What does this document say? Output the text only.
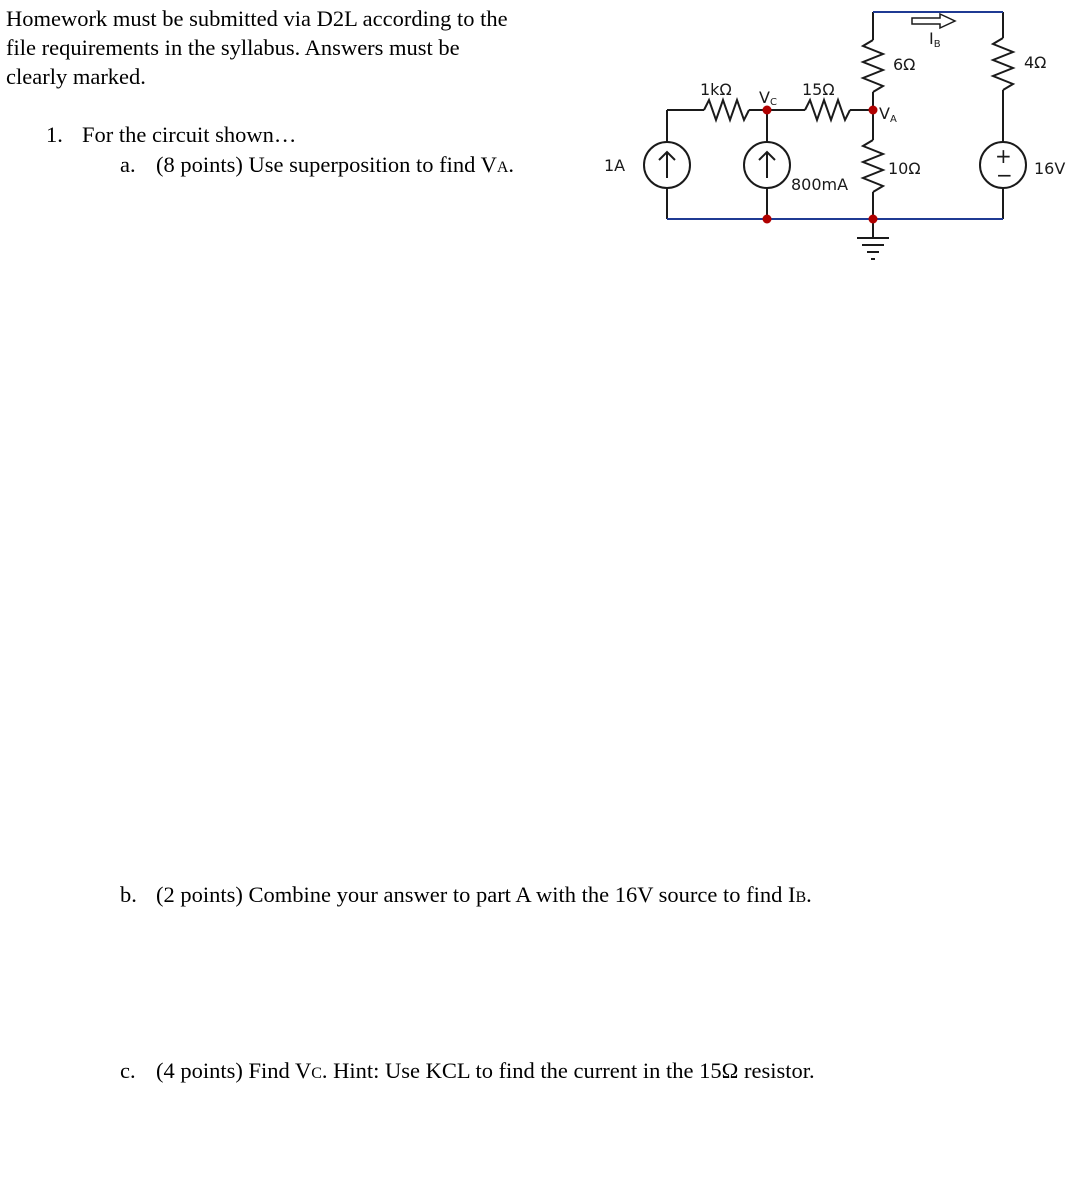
Homework must be submitted via D2L according to the
file requirements in the syllabus. Answers must be
clearly marked.
1. For the circuit shown…
a. (8 points) Use superposition to find VA.
b. (2 points) Combine your answer to part A with the 16V source to find IB.
c. (4 points) Find VC. Hint: Use KCL to find the current in the 15Ω resistor.
1A
1kΩ VC
15Ω
VA
6Ω
IB
10Ω
800mA
4Ω
16V
+
−
